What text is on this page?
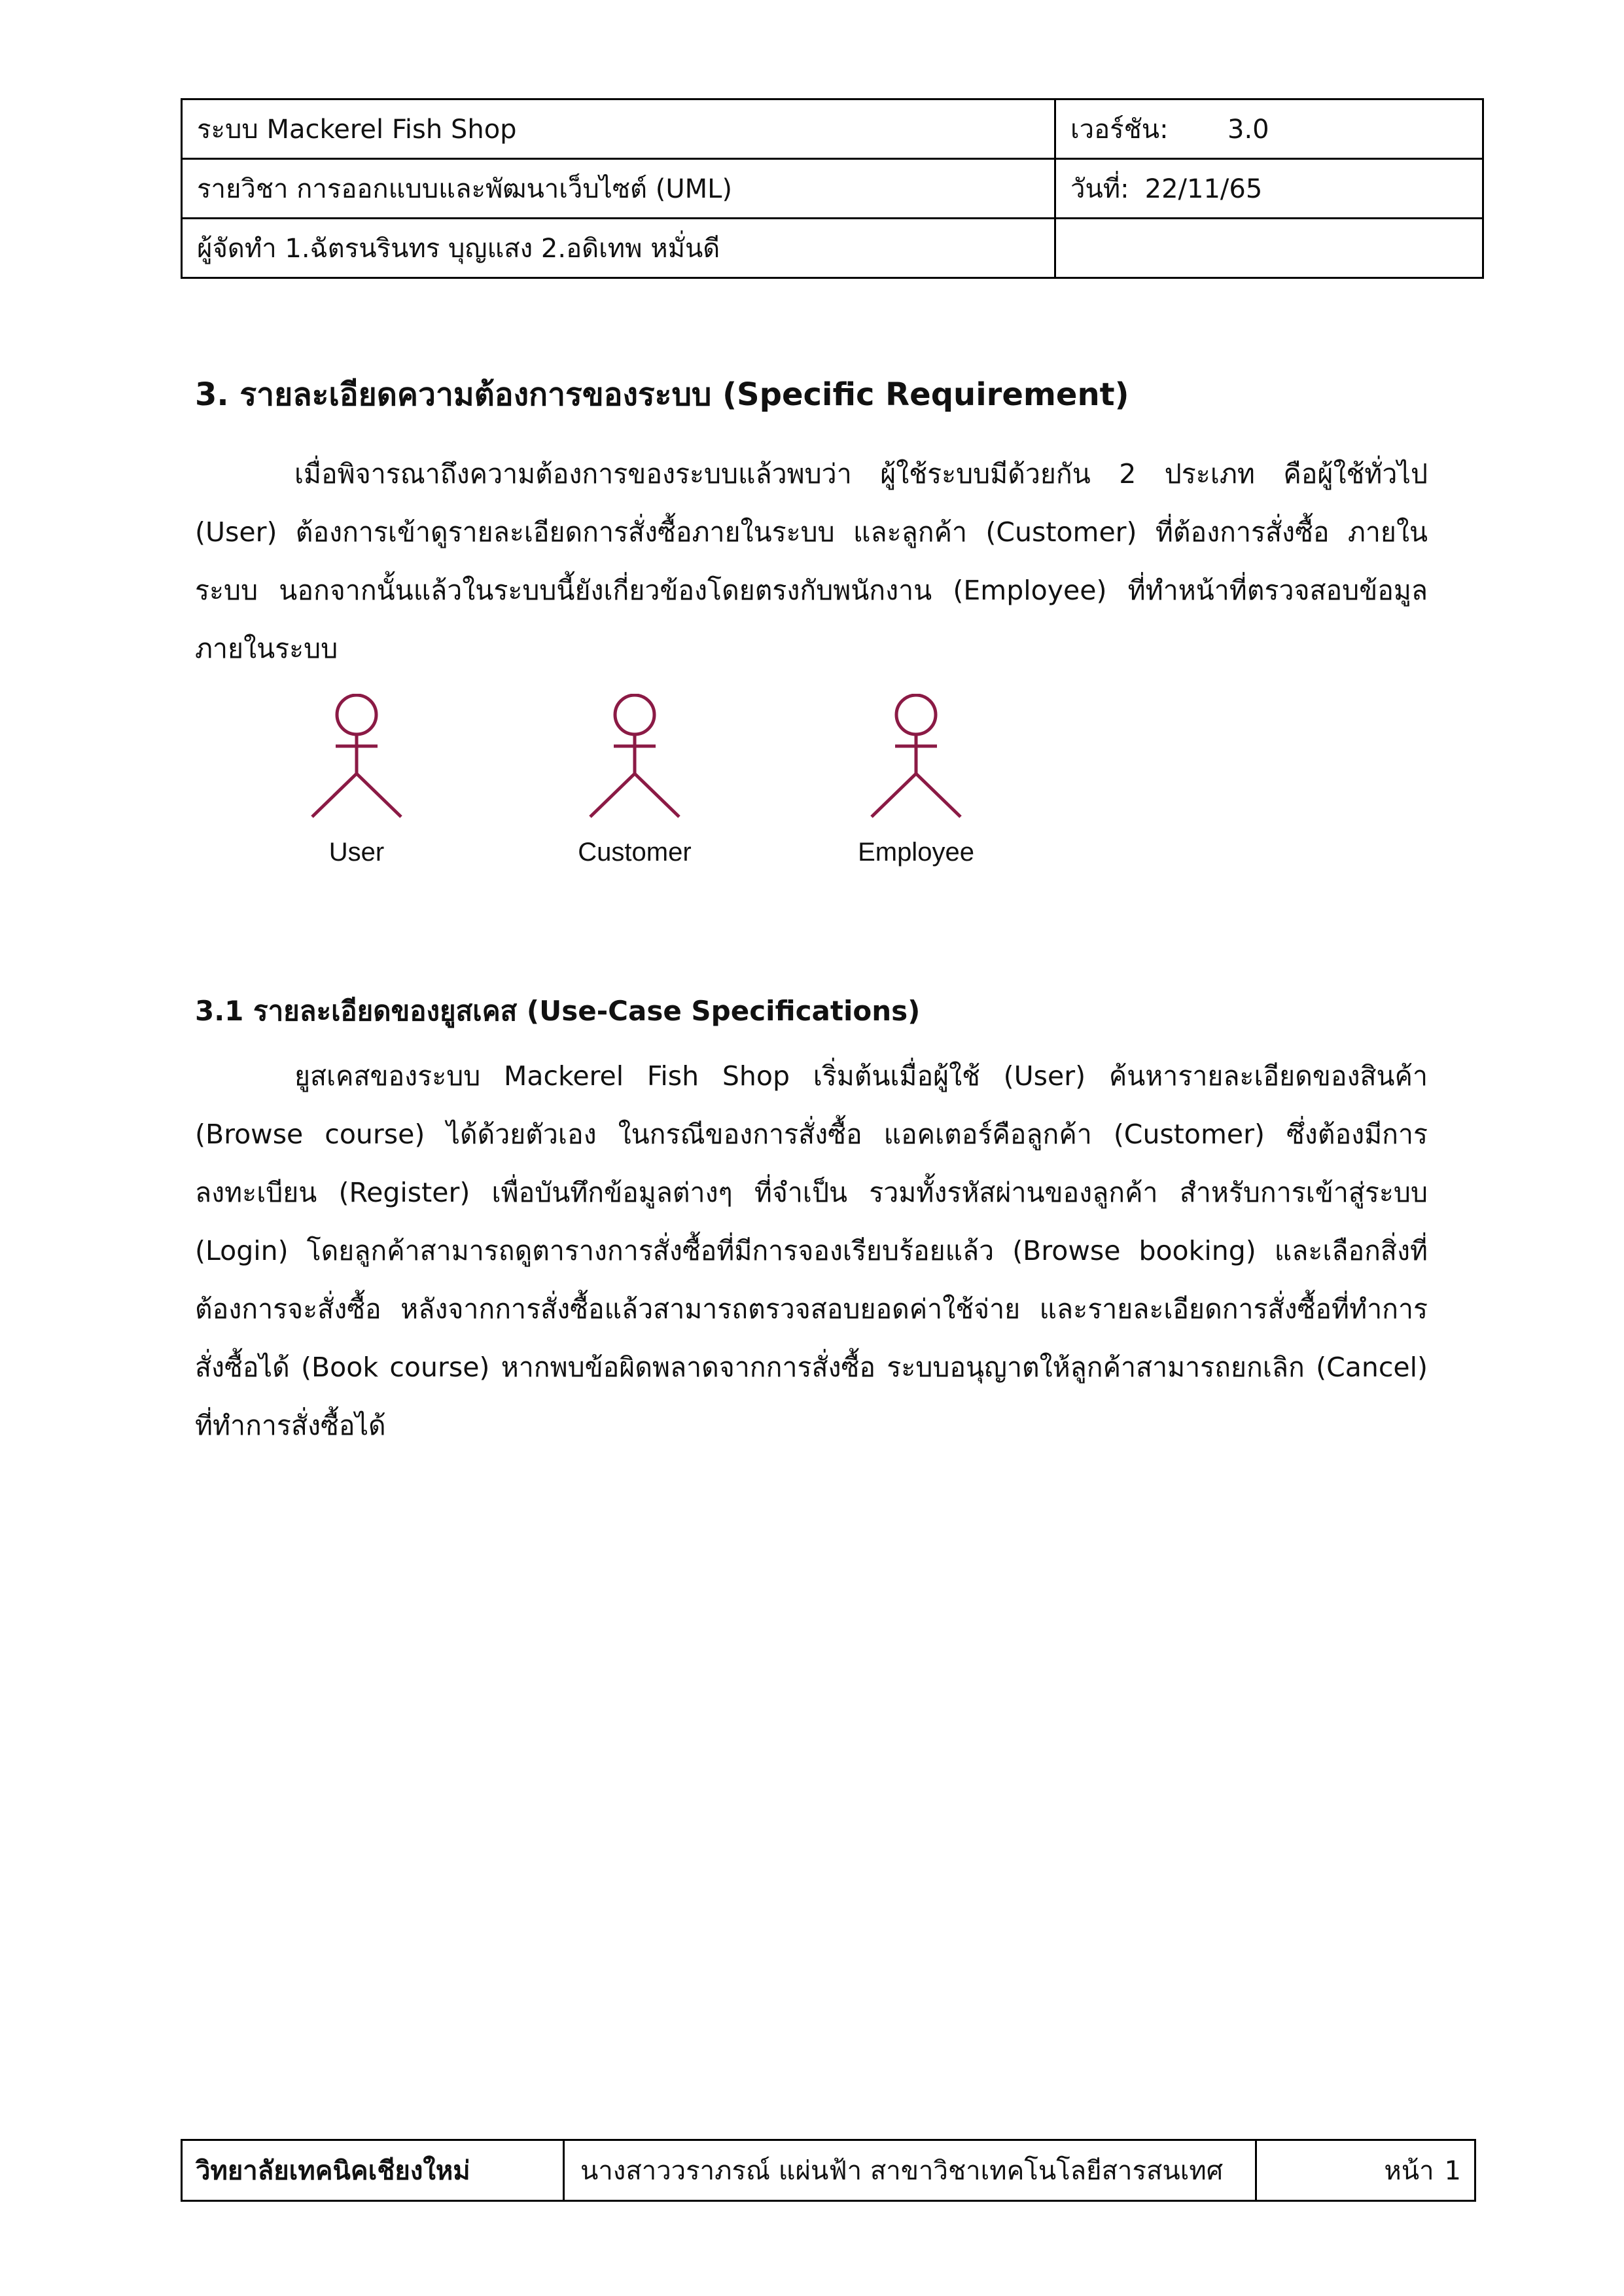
ระบบ Mackerel Fish Shop	เวอร์ชัน: 3.0
รายวิชา การออกแบบและพัฒนาเว็บไซต์ (UML)	วันที่: 22/11/65
ผู้จัดทำ 1.ฉัตรนรินทร บุญแสง 2.อดิเทพ หมั่นดี	
3. รายละเอียดความต้องการของระบบ (Specific Requirement)

เมื่อพิจารณาถึงความต้องการของระบบแล้วพบว่า ผู้ใช้ระบบมีด้วยกัน 2 ประเภท คือผู้ใช้ทั่วไป
(User) ต้องการเข้าดูรายละเอียดการสั่งซื้อภายในระบบ และลูกค้า (Customer) ที่ต้องการสั่งซื้อ ภายใน
ระบบ นอกจากนั้นแล้วในระบบนี้ยังเกี่ยวข้องโดยตรงกับพนักงาน (Employee) ที่ทำหน้าที่ตรวจสอบข้อมูล
ภายในระบบ

User	Customer	Employee
3.1 รายละเอียดของยูสเคส (Use-Case Specifications)

ยูสเคสของระบบ Mackerel Fish Shop เริ่มต้นเมื่อผู้ใช้ (User) ค้นหารายละเอียดของสินค้า
(Browse course) ได้ด้วยตัวเอง ในกรณีของการสั่งซื้อ แอคเตอร์คือลูกค้า (Customer) ซึ่งต้องมีการ
ลงทะเบียน (Register) เพื่อบันทึกข้อมูลต่างๆ ที่จำเป็น รวมทั้งรหัสผ่านของลูกค้า สำหรับการเข้าสู่ระบบ
(Login) โดยลูกค้าสามารถดูตารางการสั่งซื้อที่มีการจองเรียบร้อยแล้ว (Browse booking) และเลือกสิ่งที่
ต้องการจะสั่งซื้อ หลังจากการสั่งซื้อแล้วสามารถตรวจสอบยอดค่าใช้จ่าย และรายละเอียดการสั่งซื้อที่ทำการ
สั่งซื้อได้ (Book course) หากพบข้อผิดพลาดจากการสั่งซื้อ ระบบอนุญาตให้ลูกค้าสามารถยกเลิก (Cancel)
ที่ทำการสั่งซื้อได้

วิทยาลัยเทคนิคเชียงใหม่	นางสาววราภรณ์ แผ่นฟ้า สาขาวิชาเทคโนโลยีสารสนเทศ	หน้า 1
